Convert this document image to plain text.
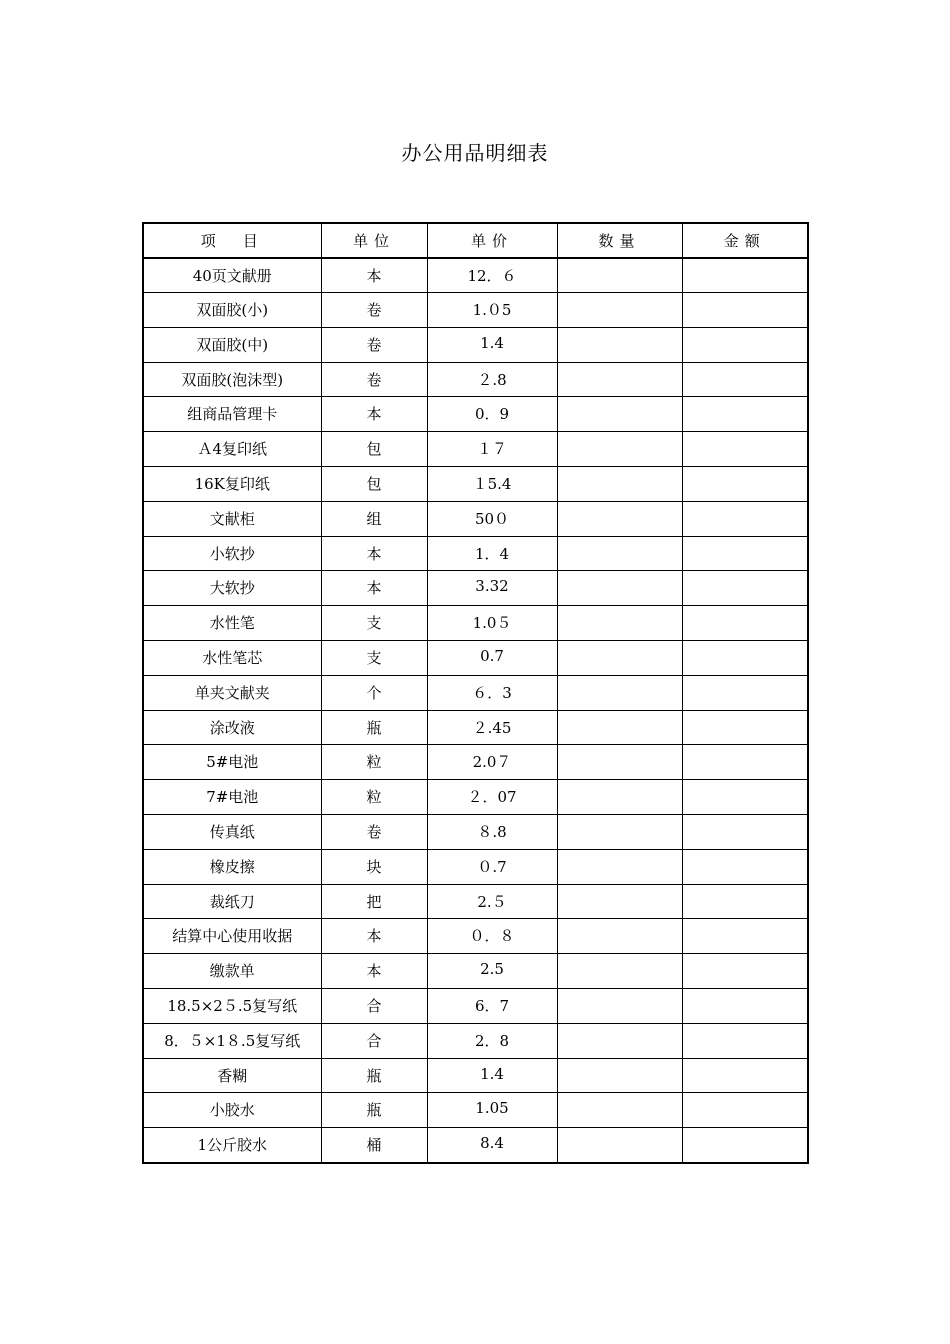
办公用品明细表
项　目	单位	单价	数量	金额
40页文献册	本	12．６		
双面胶(小)	卷	1.０5		
双面胶(中)	卷	1.4		
双面胶(泡沫型)	卷	２.8		
组商品管理卡	本	0．9		
Ａ4复印纸	包	１７		
16K复印纸	包	１5.4		
文献柜	组	50０		
小软抄	本	1．4		
大软抄	本	3.32		
水性笔	支	1.0５		
水性笔芯	支	0.7		
单夹文献夹	个	６．3		
涂改液	瓶	２.45		
5#电池	粒	2.0７		
7#电池	粒	２．07		
传真纸	卷	８.8		
橡皮擦	块	０.7		
裁纸刀	把	2.５		
结算中心使用收据	本	０．８		
缴款单	本	2.5		
18.5×2５.5复写纸	合	6．7		
8．５×1８.5复写纸	合	2．8		
香糊	瓶	1.4		
小胶水	瓶	1.05		
1公斤胶水	桶	8.4		
